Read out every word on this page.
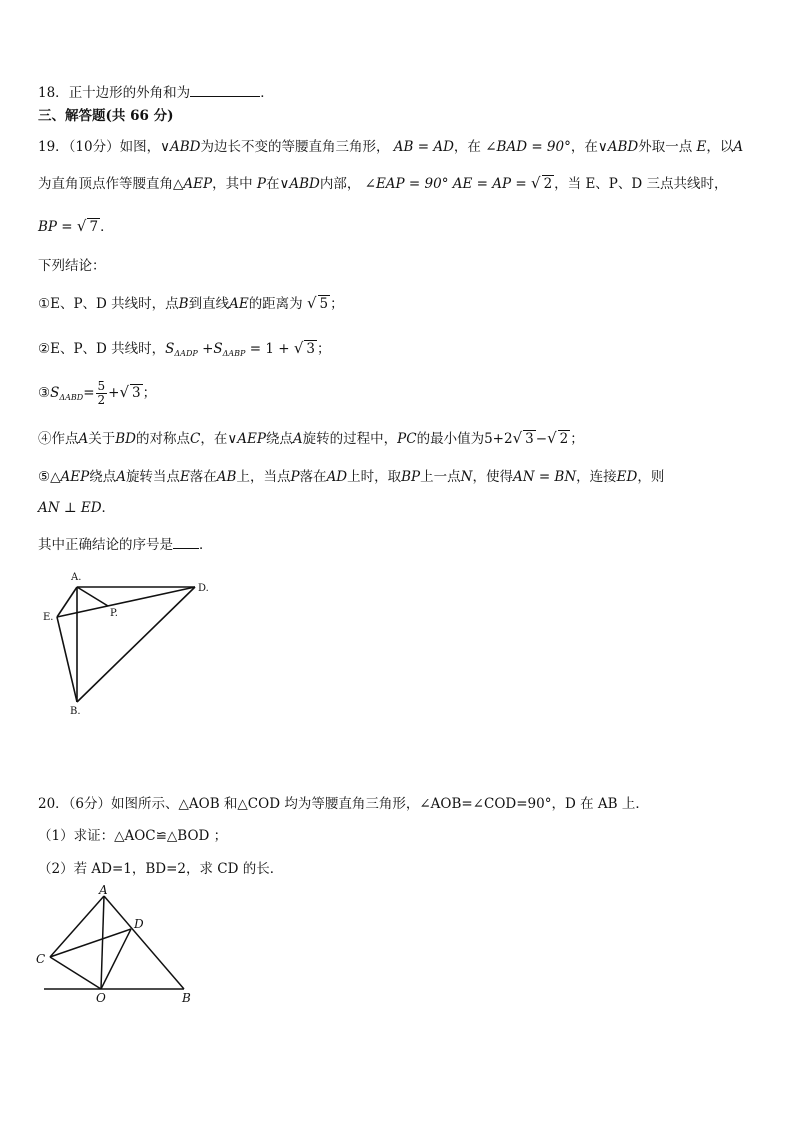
18．正十边形的外角和为	．
三、解答题(共 66 分)
19．（10分）如图，∨ABD为边长不变的等腰直角三角形， AB = AD，在 ∠BAD = 90°，在∨ABD外取一点 E，以A
为直角顶点作等腰直角△AEP，其中 P在∨ABD内部， ∠EAP = 90° AE = AP = √ 2 ，当 E、P、D 三点共线时，
BP = √ 7 ．
下列结论：
①E、P、D 共线时，点B到直线AE的距离为 √ 5 ；
②E、P、D 共线时，$S_{\Delta ADP} +S_{\Delta ABP} = 1$ + √ 3 ；
$③S_{\Delta ABD}= \frac{5}{2}$ +√ 3 ；
④作点A关于BD的对称点C，在∨AEP绕点A旋转的过程中，PC的最小值为5+2√ 3 −√ 2 ；
⑤△AEP绕点A旋转当点E落在AB上，当点P落在AD上时，取BP上一点N，使得AN = BN，连接ED，则
AN ⊥ ED．
其中正确结论的序号是 ．
A.
D.
E.	P.
B.
20．（6分）如图所示、△AOB 和△COD 均为等腰直角三角形，∠AOB=∠COD=90°，D 在 AB 上．
（1）求证：△AOC≌△BOD ；
（2）若 AD=1，BD=2，求 CD 的长．
A
D
C
O	B
